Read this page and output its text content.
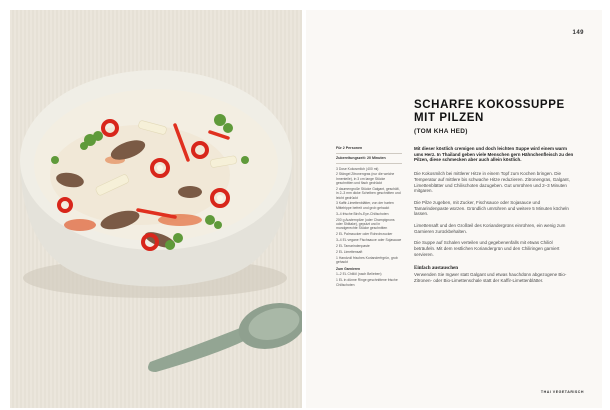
149
SCHARFE KOKOSSUPPE
MIT PILZEN
(TOM KHA HED)
Für 2 Personen
Zubereitungszeit: 20 Minuten
3 Dose Kokosmilch (400 ml)
2 Stängel Zitronengras (nur die weiche Innenteile), in 3 cm lange Stücke geschnitten und flach gedrückt
2 daumengroße Stücke Galgant, geschält, in 2–3 mm dicke Scheiben geschnitten und leicht gedrückt
3 Kaffir-Limettenblätter, von der harten Mittelrippe befreit und grob gehackt
3–4 frische Bird's-Eye-Chilischoten
200 g Austernpilze (oder Champignons oder Shiitake), geputzt und in mundgerechte Stücke geschnitten
2 EL Palmzucker oder Rohrohrzucker
3–4 EL vegane Fischsauce oder Sojasauce
2 EL Tamarindenpaste
2 EL Limettensaft
1 Handvoll frisches Korianderfrgrün, grob gehackt
Zum Garnieren
1–2 EL Chiliöl (nach Belieben)
1 EL in dünne Ringe geschnittene frische Chilischoten

Mit dieser köstlich cremigen und doch leichten Suppe wird einem warm ums Herz. In Thailand geben viele Menschen gern Hähnchenfleisch zu den Pilzen, diese schmecken aber auch allein köstlich.

Die Kokosmilch bei mittlerer Hitze in einem Topf zum Kochen bringen. Die Temperatur auf mittlere bis schwache Hitze reduzieren. Zitronengras, Galgant, Limettenblätter und Chilischoten dazugeben. Gut umrühren und 2–3 Minuten mitgaren.

Die Pilze zugeben, mit Zucker, Fischsauce oder Sojasauce und Tamarindenpaste würzen. Gründlich umrühren und weitere 5 Minuten köcheln lassen.

Limettensaft und den Großteil des Koriandergrüns einrühren, ein wenig zum Garnieren zurückbehalten.

Die Suppe auf Schalen verteilen und gegebenenfalls mit etwas Chiliöl beträufeln. Mit dem restlichen Koriandergrün und den Chiliringen garniert servieren.

Einfach austauschen

Verwenden Sie Ingwer statt Galgant und etwas hauchdünn abgezogene Bio-Zitronen- oder Bio-Limettenschale statt der Kaffir-Limettenblätter.

THAI VEGETARISCH
